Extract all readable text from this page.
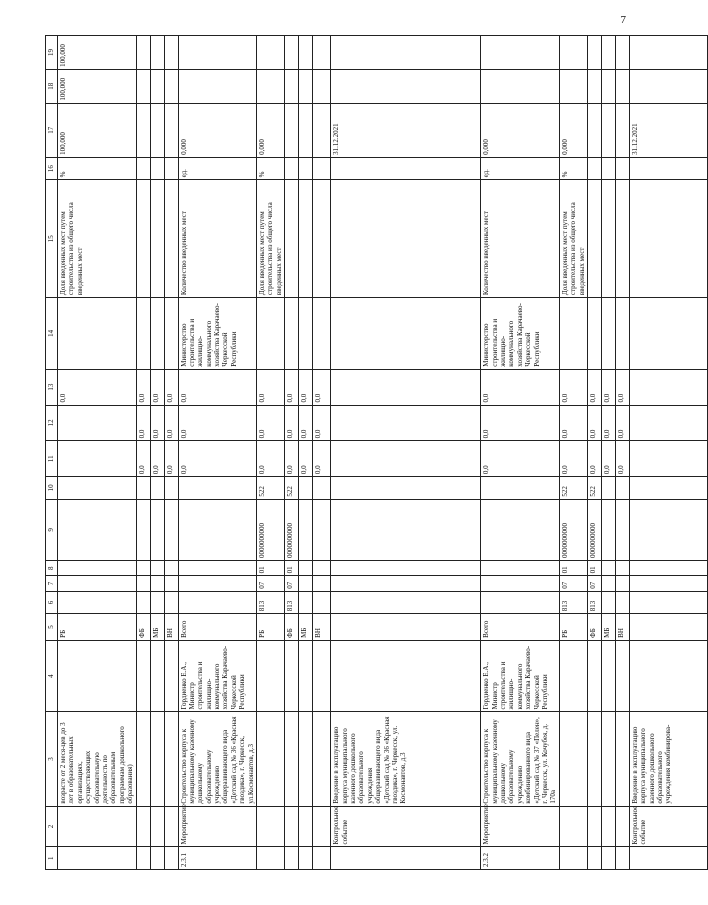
7
1	2	3	4	5	6	7	8	9	10	11	12	13	14	15	16	17	18	19
		возрасте от 2 меся-цев до 3 лет в образовательных организациях, осуществляющих образовательную деятельность по образовательным программам дошкольного образования)		РБ								0,0		Доля введенных мест путем строительства из общего числа введенных мест	%	100,000	100,000	100,000
				ФБ						0,0	0,0	0,0						
				МБ						0,0	0,0	0,0						
				ВН						0,0	0,0	0,0						
2.3.1	Мероприятие	Строительство корпуса к муниципальному казенному дошкольному образовательному учреждению общеразвивающего вида «Детский сад № 36 «Красная гвоздика», г. Черкесск, ул.Космонавтов, д.3	Гордиенко Е.А., Министр строительства и жилищно-коммунального хозяйства Карачаево-Черкесской Республики	Всего						0,0	0,0	0,0	Министерство строительства и жилищно-коммунального хозяйства Карачаево-Черкесской Республики	Количество введенных мест	ед.	0,000		
				РБ	813	07	01	0000000000	522	0,0	0,0	0,0		Доля введенных мест путем строительства из общего числа введенных мест	%	0,000		
				ФБ	813	07	01	0000000000	522	0,0	0,0	0,0						
				МБ						0,0	0,0	0,0						
				ВН						0,0	0,0	0,0						
	Контрольное событие	Введение в эксплуатацию корпуса муниципального казенного дошкольного образовательного учреждения общеразвивающего вида «Детский сад № 36 «Красная гвоздика», г. Черкесск, ул. Космонавтов, д.3														31.12.2021		
2.3.2	Мероприятие	Строительство корпуса к муниципальному казенному дошкольному образовательному учреждению комбинированного вида «Детский сад № 37 «Пелен», г. Черкесск, ул. Кочубея, д. 170а	Гордиенко Е.А., Министр строительства и жилищно-коммунального хозяйства Карачаево-Черкесской Республики	Всего						0,0	0,0	0,0	Министерство строительства и жилищно-коммунального хозяйства Карачаево-Черкесской Республики	Количество введенных мест	ед.	0,000		
				РБ	813	07	01	0000000000	522	0,0	0,0	0,0		Доля введенных мест путем строительства из общего числа введенных мест	%	0,000		
				ФБ	813	07	01	0000000000	522	0,0	0,0	0,0						
				МБ						0,0	0,0	0,0						
				ВН						0,0	0,0	0,0						
	Контрольное событие	Введение в эксплуатацию корпуса муниципального казенного дошкольного образовательного учреждения комбинирова-														31.12.2021		
